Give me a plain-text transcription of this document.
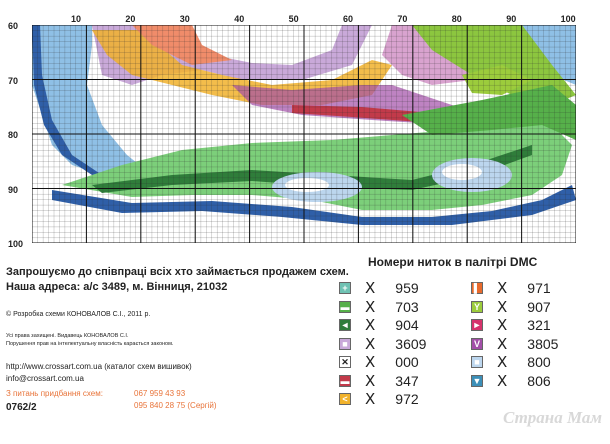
10	20	30	40	50	60	70	80	90	100
60
70
80
90
100
Страна Мам
Номери ниток в палітрі DMC
+ X 959
▬ X 703
◄ X 904
■ X 3609
✕ X 000
▬ X 347
< X 972
▌ X 971
Y X 907
► X 321
V X 3805
■ X 800
▼ X 806
Запрошуємо до співпраці всіх хто займається продажем схем.
Наша адреса: а/с 3489, м. Вінниця, 21032
© Розробка схеми КОНОВАЛОВ С.І., 2011 р.
Усі права захищені. Видавець КОНОВАЛОВ С.І.
Порушення прав на інтелектуальну власність карається законом.
http://www.crossart.com.ua (каталог схем вишивок)
info@crossart.com.ua
З питань придбання схем:	067 959 43 93
095 840 28 75 (Сергій)
0762/2
